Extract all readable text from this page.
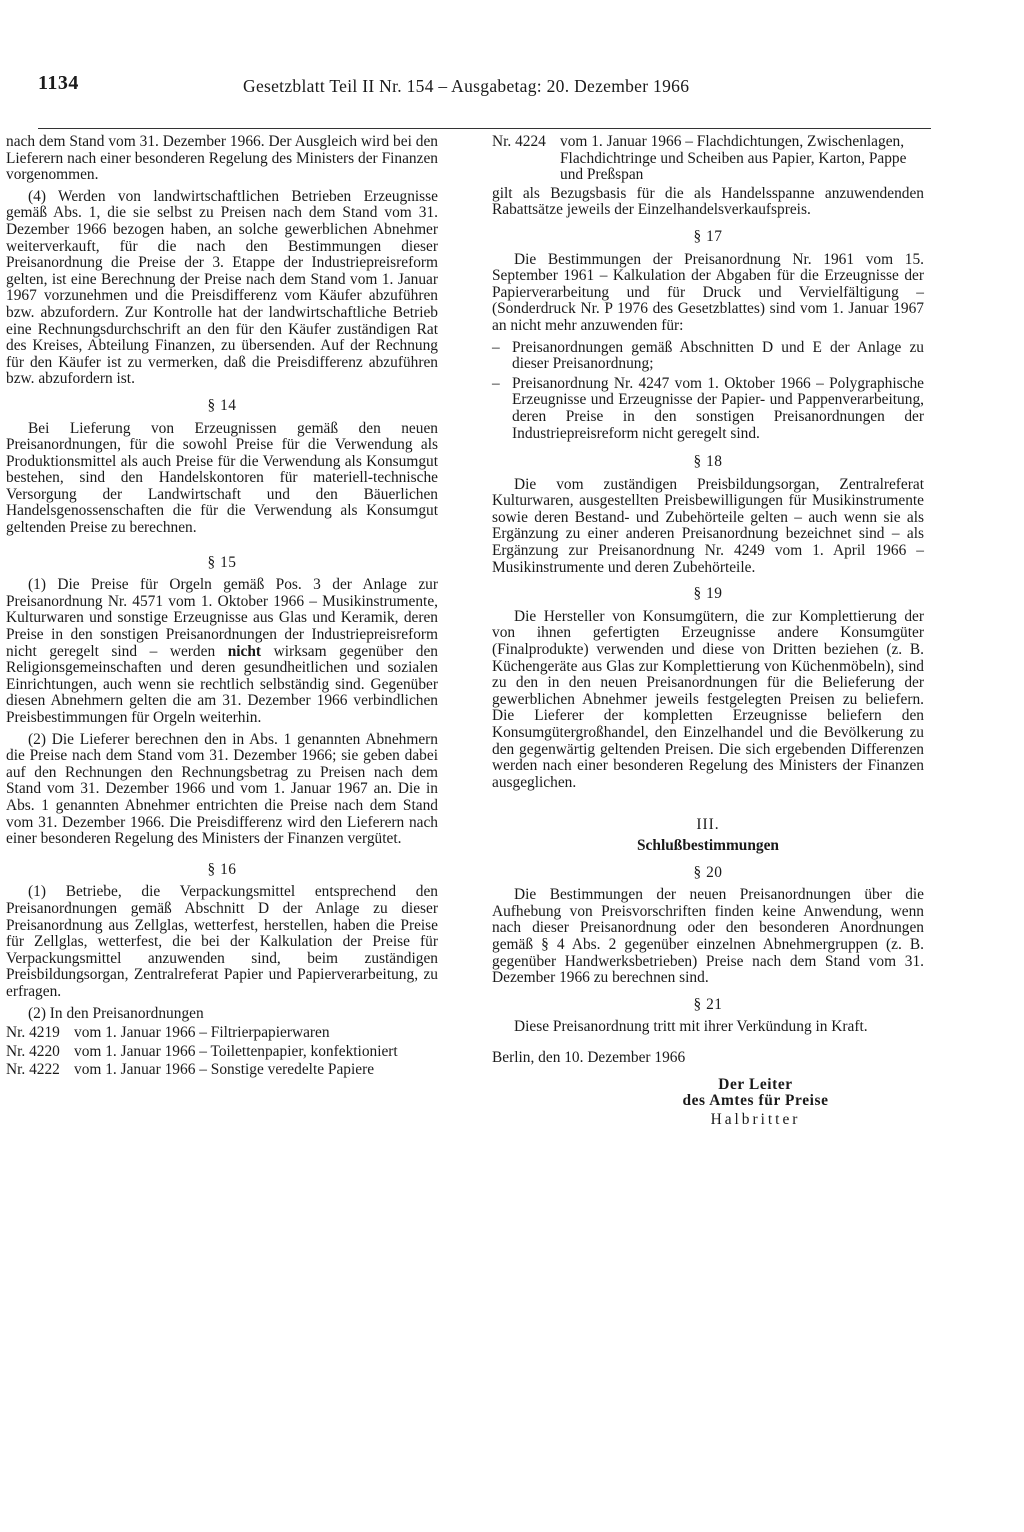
1134	Gesetzblatt Teil II Nr. 154 – Ausgabetag: 20. Dezember 1966

nach dem Stand vom 31. Dezember 1966. Der Ausgleich wird bei den Lieferern nach einer besonderen Regelung des Ministers der Finanzen vorgenommen.

(4) Werden von landwirtschaftlichen Betrieben Erzeugnisse gemäß Abs. 1, die sie selbst zu Preisen nach dem Stand vom 31. Dezember 1966 bezogen haben, an solche gewerblichen Abnehmer weiterverkauft, für die nach den Bestimmungen dieser Preisanordnung die Preise der 3. Etappe der Industriepreisreform gelten, ist eine Berechnung der Preise nach dem Stand vom 1. Januar 1967 vorzunehmen und die Preisdifferenz vom Käufer abzuführen bzw. abzufordern. Zur Kontrolle hat der landwirtschaftliche Betrieb eine Rechnungsdurchschrift an den für den Käufer zuständigen Rat des Kreises, Abteilung Finanzen, zu übersenden. Auf der Rechnung für den Käufer ist zu vermerken, daß die Preisdifferenz abzuführen bzw. abzufordern ist.

§ 14

Bei Lieferung von Erzeugnissen gemäß den neuen Preisanordnungen, für die sowohl Preise für die Verwendung als Produktionsmittel als auch Preise für die Verwendung als Konsumgut bestehen, sind den Handelskontoren für materiell-technische Versorgung der Landwirtschaft und den Bäuerlichen Handelsgenossenschaften die für die Verwendung als Konsumgut geltenden Preise zu berechnen.

§ 15

(1) Die Preise für Orgeln gemäß Pos. 3 der Anlage zur Preisanordnung Nr. 4571 vom 1. Oktober 1966 – Musikinstrumente, Kulturwaren und sonstige Erzeugnisse aus Glas und Keramik, deren Preise in den sonstigen Preisanordnungen der Industriepreisreform nicht geregelt sind – werden nicht wirksam gegenüber den Religionsgemeinschaften und deren gesundheitlichen und sozialen Einrichtungen, auch wenn sie rechtlich selbständig sind. Gegenüber diesen Abnehmern gelten die am 31. Dezember 1966 verbindlichen Preisbestimmungen für Orgeln weiterhin.

(2) Die Lieferer berechnen den in Abs. 1 genannten Abnehmern die Preise nach dem Stand vom 31. Dezember 1966; sie geben dabei auf den Rechnungen den Rechnungsbetrag zu Preisen nach dem Stand vom 31. Dezember 1966 und vom 1. Januar 1967 an. Die in Abs. 1 genannten Abnehmer entrichten die Preise nach dem Stand vom 31. Dezember 1966. Die Preisdifferenz wird den Lieferern nach einer besonderen Regelung des Ministers der Finanzen vergütet.

§ 16

(1) Betriebe, die Verpackungsmittel entsprechend den Preisanordnungen gemäß Abschnitt D der Anlage zu dieser Preisanordnung aus Zellglas, wetterfest, herstellen, haben die Preise für Zellglas, wetterfest, die bei der Kalkulation der Preise für Verpackungsmittel anzuwenden sind, beim zuständigen Preisbildungsorgan, Zentralreferat Papier und Papierverarbeitung, zu erfragen.

(2) In den Preisanordnungen

Nr. 4219 vom 1. Januar 1966 – Filtrierpapierwaren
Nr. 4220 vom 1. Januar 1966 – Toilettenpapier, konfektioniert
Nr. 4222 vom 1. Januar 1966 – Sonstige veredelte Papiere
Nr. 4224 vom 1. Januar 1966 – Flachdichtungen, Zwischenlagen, Flachdichtringe und Scheiben aus Papier, Karton, Pappe und Preßspan

gilt als Bezugsbasis für die als Handelsspanne anzuwendenden Rabattsätze jeweils der Einzelhandelsverkaufspreis.

§ 17

Die Bestimmungen der Preisanordnung Nr. 1961 vom 15. September 1961 – Kalkulation der Abgaben für die Erzeugnisse der Papierverarbeitung und für Druck und Vervielfältigung – (Sonderdruck Nr. P 1976 des Gesetzblattes) sind vom 1. Januar 1967 an nicht mehr anzuwenden für:

– Preisanordnungen gemäß Abschnitten D und E der Anlage zu dieser Preisanordnung;
– Preisanordnung Nr. 4247 vom 1. Oktober 1966 – Polygraphische Erzeugnisse und Erzeugnisse der Papier- und Pappenverarbeitung, deren Preise in den sonstigen Preisanordnungen der Industriepreisreform nicht geregelt sind.
§ 18

Die vom zuständigen Preisbildungsorgan, Zentralreferat Kulturwaren, ausgestellten Preisbewilligungen für Musikinstrumente sowie deren Bestand- und Zubehörteile gelten – auch wenn sie als Ergänzung zu einer anderen Preisanordnung bezeichnet sind – als Ergänzung zur Preisanordnung Nr. 4249 vom 1. April 1966 – Musikinstrumente und deren Zubehörteile.

§ 19

Die Hersteller von Konsumgütern, die zur Komplettierung der von ihnen gefertigten Erzeugnisse andere Konsumgüter (Finalprodukte) verwenden und diese von Dritten beziehen (z. B. Küchengeräte aus Glas zur Komplettierung von Küchenmöbeln), sind zu den in den neuen Preisanordnungen für die Belieferung der gewerblichen Abnehmer jeweils festgelegten Preisen zu beliefern. Die Lieferer der kompletten Erzeugnisse beliefern den Konsumgütergroßhandel, den Einzelhandel und die Bevölkerung zu den gegenwärtig geltenden Preisen. Die sich ergebenden Differenzen werden nach einer besonderen Regelung des Ministers der Finanzen ausgeglichen.

III.
Schlußbestimmungen
§ 20

Die Bestimmungen der neuen Preisanordnungen über die Aufhebung von Preisvorschriften finden keine Anwendung, wenn nach dieser Preisanordnung oder den besonderen Anordnungen gemäß § 4 Abs. 2 gegenüber einzelnen Abnehmergruppen (z. B. gegenüber Handwerksbetrieben) Preise nach dem Stand vom 31. Dezember 1966 zu berechnen sind.

§ 21

Diese Preisanordnung tritt mit ihrer Verkündung in Kraft.

Berlin, den 10. Dezember 1966

Der Leiter
des Amtes für Preise
Halbritter
